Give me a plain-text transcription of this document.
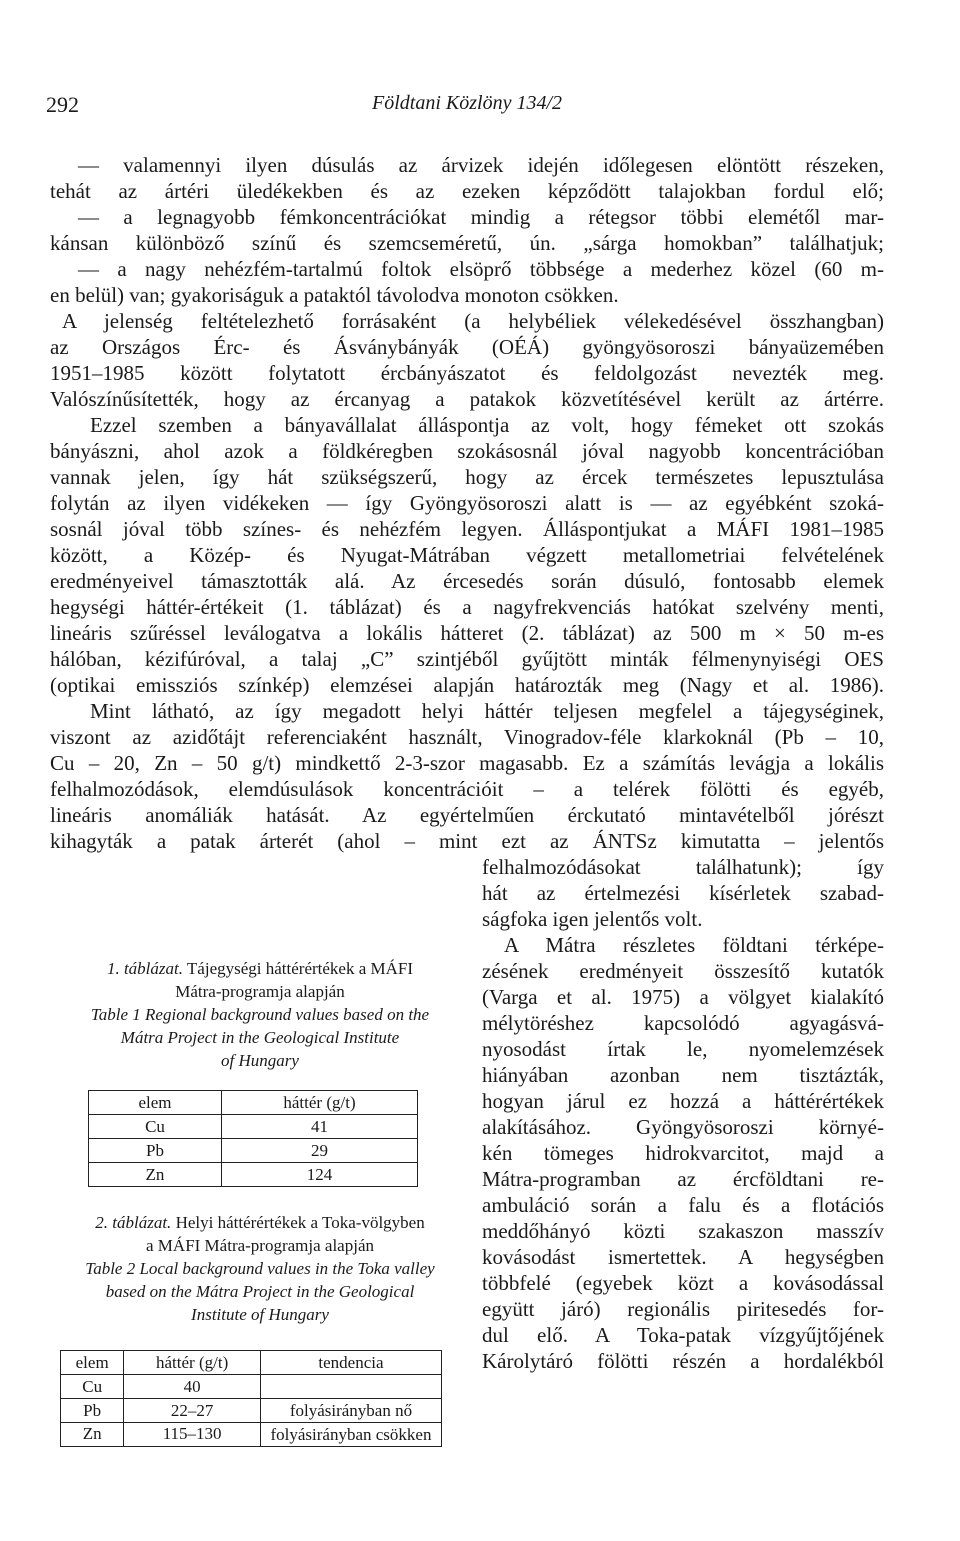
292	Földtani Közlöny 134/2
— valamennyi ilyen dúsulás az árvizek idején időlegesen elöntött részeken,
tehát az ártéri üledékekben és az ezeken képződött talajokban fordul elő;
— a legnagyobb fémkoncentrációkat mindig a rétegsor többi elemétől mar-
kánsan különböző színű és szemcseméretű, ún. „sárga homokban” találhatjuk;
— a nagy nehézfém-tartalmú foltok elsöprő többsége a mederhez közel (60 m-
en belül) van; gyakoriságuk a pataktól távolodva monoton csökken.
A jelenség feltételezhető forrásaként (a helybéliek vélekedésével összhangban)
az Országos Érc- és Ásványbányák (OÉÁ) gyöngyösoroszi bányaüzemében
1951–1985 között folytatott ércbányászatot és feldolgozást nevezték meg.
Valószínűsítették, hogy az ércanyag a patakok közvetítésével került az ártérre.
Ezzel szemben a bányavállalat álláspontja az volt, hogy fémeket ott szokás
bányászni, ahol azok a földkéregben szokásosnál jóval nagyobb koncentrációban
vannak jelen, így hát szükségszerű, hogy az ércek természetes lepusztulása
folytán az ilyen vidékeken — így Gyöngyösoroszi alatt is — az egyébként szoká-
sosnál jóval több színes- és nehézfém legyen. Álláspontjukat a MÁFI 1981–1985
között, a Közép- és Nyugat-Mátrában végzett metallometriai felvételének
eredményeivel támasztották alá. Az ércesedés során dúsuló, fontosabb elemek
hegységi háttér-értékeit (1. táblázat) és a nagyfrekvenciás hatókat szelvény menti,
lineáris szűréssel leválogatva a lokális hátteret (2. táblázat) az 500 m × 50 m-es
hálóban, kézifúróval, a talaj „C” szintjéből gyűjtött minták félmenynyiségi OES
(optikai emissziós színkép) elemzései alapján határozták meg (Nagy et al. 1986).
Mint látható, az így megadott helyi háttér teljesen megfelel a tájegységinek,
viszont az azidőtájt referenciaként használt, Vinogradov-féle klarkoknál (Pb – 10,
Cu – 20, Zn – 50 g/t) mindkettő 2-3-szor magasabb. Ez a számítás levágja a lokális
felhalmozódások, elemdúsulások koncentrációit – a telérek fölötti és egyéb,
lineáris anomáliák hatását. Az egyértelműen érckutató mintavételből jórészt
kihagyták a patak árterét (ahol – mint ezt az ÁNTSz kimutatta – jelentős
felhalmozódásokat találhatunk); így
hát az értelmezési kísérletek szabad-
ságfoka igen jelentős volt.
A Mátra részletes földtani térképe-
zésének eredményeit összesítő kutatók
(Varga et al. 1975) a völgyet kialakító
mélytöréshez kapcsolódó agyagásvá-
nyosodást írtak le, nyomelemzések
hiányában azonban nem tisztázták,
hogyan járul ez hozzá a háttérértékek
alakításához. Gyöngyösoroszi környé-
kén tömeges hidrokvarcitot, majd a
Mátra-programban az ércföldtani re-
ambuláció során a falu és a flotációs
meddőhányó közti szakaszon masszív
kovásodást ismertettek. A hegységben
többfelé (egyebek közt a kovásodással
együtt járó) regionális piritesedés for-
dul elő. A Toka-patak vízgyűjtőjének
Károlytáró fölötti részén a hordalékból
1. táblázat. Tájegységi háttérértékek a MÁFI
Mátra-programja alapján
Table 1 Regional background values based on the
Mátra Project in the Geological Institute
of Hungary
elem	háttér (g/t)
Cu	41
Pb	29
Zn	124
2. táblázat. Helyi háttérértékek a Toka-völgyben
a MÁFI Mátra-programja alapján
Table 2 Local background values in the Toka valley
based on the Mátra Project in the Geological
Institute of Hungary
elem	háttér (g/t)	tendencia
Cu	40	
Pb	22–27	folyásirányban nő
Zn	115–130	folyásirányban csökken
